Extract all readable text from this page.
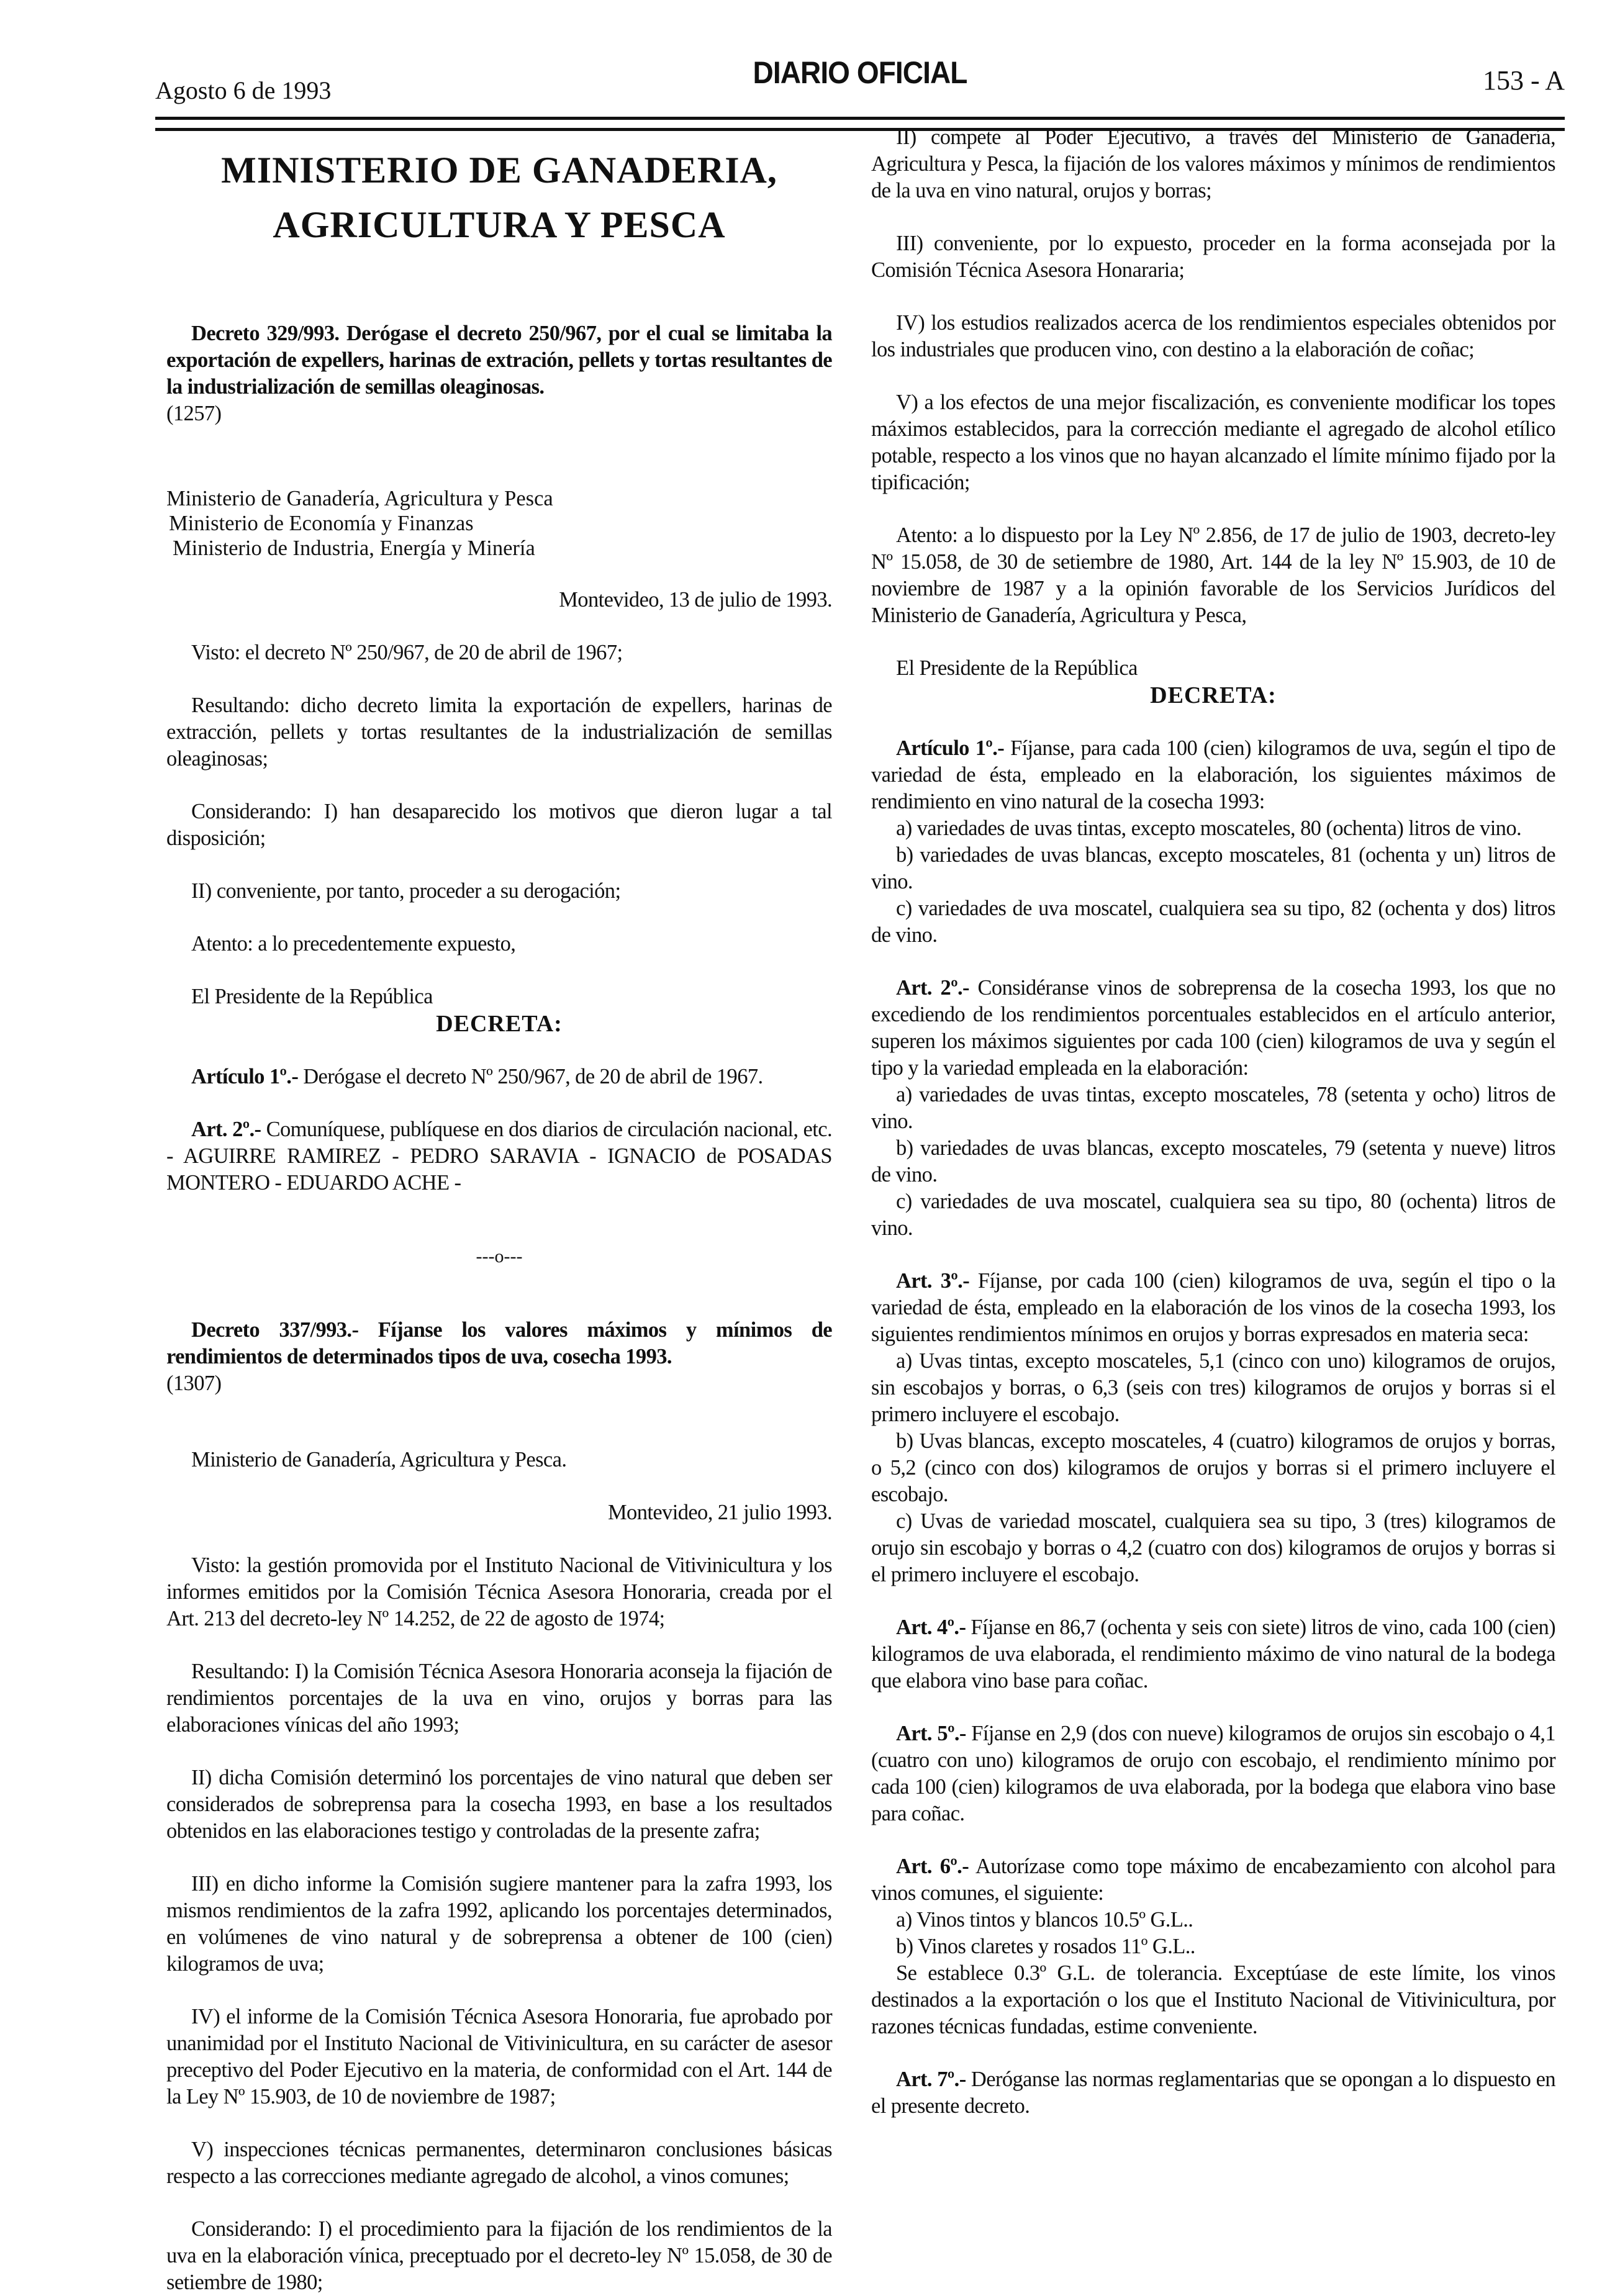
Agosto 6 de 1993
DIARIO OFICIAL	153 - A

MINISTERIO DE GANADERIA,

AGRICULTURA Y PESCA

Decreto 329/993. Derógase el decreto 250/967, por el cual se limitaba la exportación de expellers, harinas de extración, pellets y tortas resultantes de la industrialización de semillas oleaginosas.

(1257)

Ministerio de Ganadería, Agricultura y Pesca
Ministerio de Economía y Finanzas
Ministerio de Industria, Energía y Minería

Montevideo, 13 de julio de 1993.

Visto: el decreto Nº 250/967, de 20 de abril de 1967;

Resultando: dicho decreto limita la exportación de expellers, harinas de extracción, pellets y tortas resultantes de la industrialización de semillas oleaginosas;

Considerando: I) han desaparecido los motivos que dieron lugar a tal disposición;

II) conveniente, por tanto, proceder a su derogación;

Atento: a lo precedentemente expuesto,

El Presidente de la República

DECRETA:

Artículo 1º.- Derógase el decreto Nº 250/967, de 20 de abril de 1967.

Art. 2º.- Comuníquese, publíquese en dos diarios de circulación nacional, etc. - AGUIRRE RAMIREZ - PEDRO SARAVIA - IGNACIO de POSADAS MONTERO - EDUARDO ACHE -

---o---

Decreto 337/993.- Fíjanse los valores máximos y mínimos de rendimientos de determinados tipos de uva, cosecha 1993.

(1307)

Ministerio de Ganadería, Agricultura y Pesca.

Montevideo, 21 julio 1993.

Visto: la gestión promovida por el Instituto Nacional de Vitivinicultura y los informes emitidos por la Comisión Técnica Asesora Honoraria, creada por el Art. 213 del decreto-ley Nº 14.252, de 22 de agosto de 1974;

Resultando: I) la Comisión Técnica Asesora Honoraria aconseja la fijación de rendimientos porcentajes de la uva en vino, orujos y borras para las elaboraciones vínicas del año 1993;

II) dicha Comisión determinó los porcentajes de vino natural que deben ser considerados de sobreprensa para la cosecha 1993, en base a los resultados obtenidos en las elaboraciones testigo y controladas de la presente zafra;

III) en dicho informe la Comisión sugiere mantener para la zafra 1993, los mismos rendimientos de la zafra 1992, aplicando los porcentajes determinados, en volúmenes de vino natural y de sobreprensa a obtener de 100 (cien) kilogramos de uva;

IV) el informe de la Comisión Técnica Asesora Honoraria, fue aprobado por unanimidad por el Instituto Nacional de Vitivinicultura, en su carácter de asesor preceptivo del Poder Ejecutivo en la materia, de conformidad con el Art. 144 de la Ley Nº 15.903, de 10 de noviembre de 1987;

V) inspecciones técnicas permanentes, determinaron conclusiones básicas respecto a las correcciones mediante agregado de alcohol, a vinos comunes;

Considerando: I) el procedimiento para la fijación de los rendimientos de la uva en la elaboración vínica, preceptuado por el decreto-ley Nº 15.058, de 30 de setiembre de 1980;

II) compete al Poder Ejecutivo, a través del Ministerio de Ganadería, Agricultura y Pesca, la fijación de los valores máximos y mínimos de rendimientos de la uva en vino natural, orujos y borras;

III) conveniente, por lo expuesto, proceder en la forma aconsejada por la Comisión Técnica Asesora Honararia;

IV) los estudios realizados acerca de los rendimientos especiales obtenidos por los industriales que producen vino, con destino a la elaboración de coñac;

V) a los efectos de una mejor fiscalización, es conveniente modificar los topes máximos establecidos, para la corrección mediante el agregado de alcohol etílico potable, respecto a los vinos que no hayan alcanzado el límite mínimo fijado por la tipificación;

Atento: a lo dispuesto por la Ley Nº 2.856, de 17 de julio de 1903, decreto-ley Nº 15.058, de 30 de setiembre de 1980, Art. 144 de la ley Nº 15.903, de 10 de noviembre de 1987 y a la opinión favorable de los Servicios Jurídicos del Ministerio de Ganadería, Agricultura y Pesca,

El Presidente de la República

DECRETA:

Artículo 1º.- Fíjanse, para cada 100 (cien) kilogramos de uva, según el tipo de variedad de ésta, empleado en la elaboración, los siguientes máximos de rendimiento en vino natural de la cosecha 1993:

a) variedades de uvas tintas, excepto moscateles, 80 (ochenta) litros de vino.

b) variedades de uvas blancas, excepto moscateles, 81 (ochenta y un) litros de vino.

c) variedades de uva moscatel, cualquiera sea su tipo, 82 (ochenta y dos) litros de vino.

Art. 2º.- Considéranse vinos de sobreprensa de la cosecha 1993, los que no excediendo de los rendimientos porcentuales establecidos en el artículo anterior, superen los máximos siguientes por cada 100 (cien) kilogramos de uva y según el tipo y la variedad empleada en la elaboración:

a) variedades de uvas tintas, excepto moscateles, 78 (setenta y ocho) litros de vino.

b) variedades de uvas blancas, excepto moscateles, 79 (setenta y nueve) litros de vino.

c) variedades de uva moscatel, cualquiera sea su tipo, 80 (ochenta) litros de vino.

Art. 3º.- Fíjanse, por cada 100 (cien) kilogramos de uva, según el tipo o la variedad de ésta, empleado en la elaboración de los vinos de la cosecha 1993, los siguientes rendimientos mínimos en orujos y borras expresados en materia seca:

a) Uvas tintas, excepto moscateles, 5,1 (cinco con uno) kilogramos de orujos, sin escobajos y borras, o 6,3 (seis con tres) kilogramos de orujos y borras si el primero incluyere el escobajo.

b) Uvas blancas, excepto moscateles, 4 (cuatro) kilogramos de orujos y borras, o 5,2 (cinco con dos) kilogramos de orujos y borras si el primero incluyere el escobajo.

c) Uvas de variedad moscatel, cualquiera sea su tipo, 3 (tres) kilogramos de orujo sin escobajo y borras o 4,2 (cuatro con dos) kilogramos de orujos y borras si el primero incluyere el escobajo.

Art. 4º.- Fíjanse en 86,7 (ochenta y seis con siete) litros de vino, cada 100 (cien) kilogramos de uva elaborada, el rendimiento máximo de vino natural de la bodega que elabora vino base para coñac.

Art. 5º.- Fíjanse en 2,9 (dos con nueve) kilogramos de orujos sin escobajo o 4,1 (cuatro con uno) kilogramos de orujo con escobajo, el rendimiento mínimo por cada 100 (cien) kilogramos de uva elaborada, por la bodega que elabora vino base para coñac.

Art. 6º.- Autorízase como tope máximo de encabezamiento con alcohol para vinos comunes, el siguiente:

a) Vinos tintos y blancos 10.5º G.L..

b) Vinos claretes y rosados 11º G.L..

Se establece 0.3º G.L. de tolerancia. Exceptúase de este límite, los vinos destinados a la exportación o los que el Instituto Nacional de Vitivinicultura, por razones técnicas fundadas, estime conveniente.

Art. 7º.- Deróganse las normas reglamentarias que se opongan a lo dispuesto en el presente decreto.
